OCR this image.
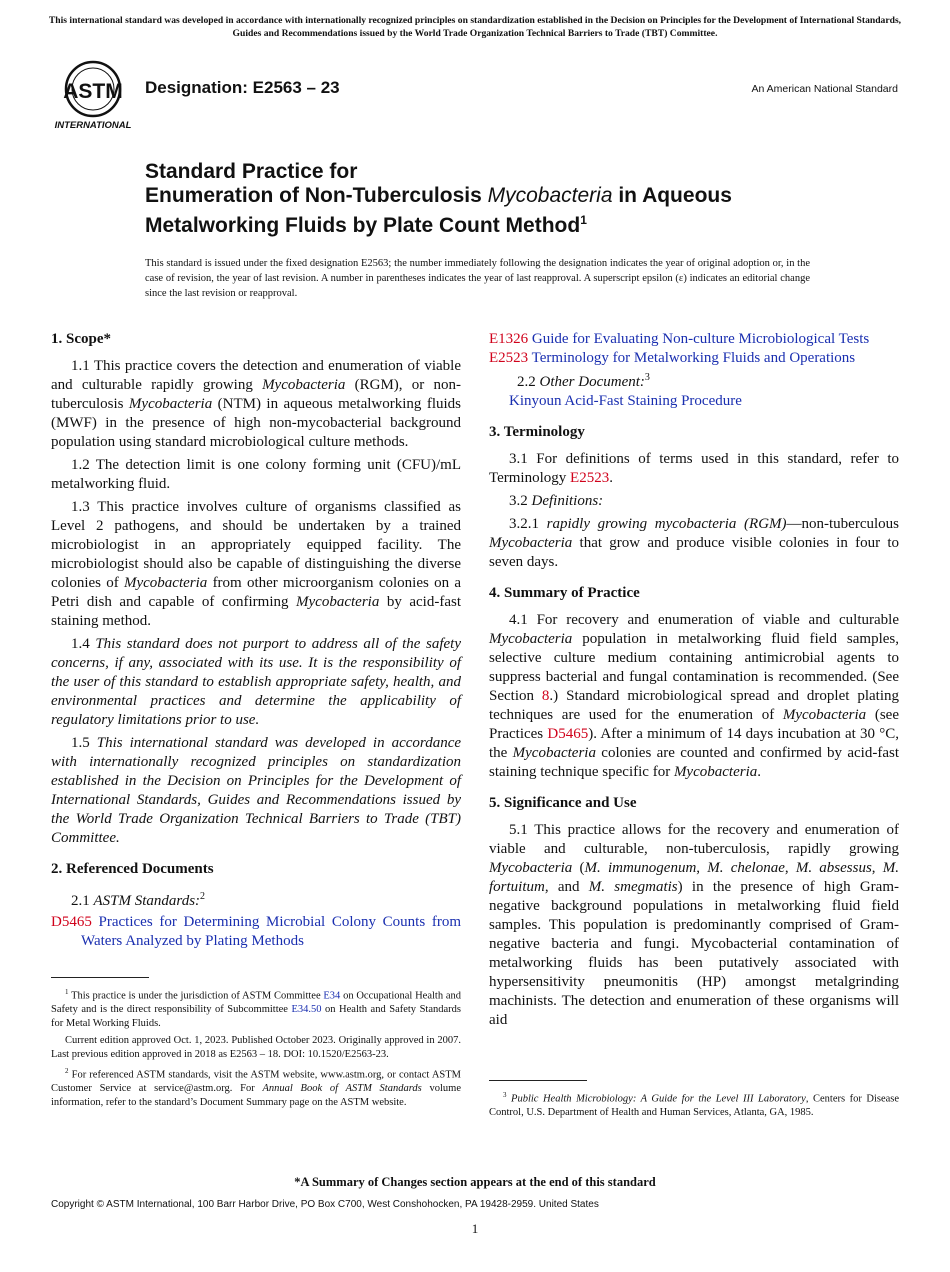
This international standard was developed in accordance with internationally recognized principles on standardization established in the Decision on Principles for the Development of International Standards, Guides and Recommendations issued by the World Trade Organization Technical Barriers to Trade (TBT) Committee.
ASTM
INTERNATIONAL
Designation: E2563 – 23	An American National Standard
Standard Practice for
Enumeration of Non-Tuberculosis Mycobacteria in Aqueous
Metalworking Fluids by Plate Count Method$^1$
This standard is issued under the fixed designation E2563; the number immediately following the designation indicates the year of original adoption or, in the case of revision, the year of last revision. A number in parentheses indicates the year of last reapproval. A superscript epsilon (ε) indicates an editorial change since the last revision or reapproval.
1. Scope*

1.1 This practice covers the detection and enumeration of viable and culturable rapidly growing Mycobacteria (RGM), or non-tuberculosis Mycobacteria (NTM) in aqueous metalworking fluids (MWF) in the presence of high non-mycobacterial background population using standard microbiological culture methods.

1.2 The detection limit is one colony forming unit (CFU)/mL metalworking fluid.

1.3 This practice involves culture of organisms classified as Level 2 pathogens, and should be undertaken by a trained microbiologist in an appropriately equipped facility. The microbiologist should also be capable of distinguishing the diverse colonies of Mycobacteria from other microorganism colonies on a Petri dish and capable of confirming Mycobacteria by acid-fast staining method.

1.4 This standard does not purport to address all of the safety concerns, if any, associated with its use. It is the responsibility of the user of this standard to establish appropriate safety, health, and environmental practices and determine the applicability of regulatory limitations prior to use.

1.5 This international standard was developed in accordance with internationally recognized principles on standardization established in the Decision on Principles for the Development of International Standards, Guides and Recommendations issued by the World Trade Organization Technical Barriers to Trade (TBT) Committee.

2. Referenced Documents

2.1 ASTM Standards:$^2$

D5465 Practices for Determining Microbial Colony Counts from Waters Analyzed by Plating Methods
E1326 Guide for Evaluating Non-culture Microbiological Tests
E2523 Terminology for Metalworking Fluids and Operations

2.2 Other Document:$^3$

Kinyoun Acid-Fast Staining Procedure

3. Terminology

3.1 For definitions of terms used in this standard, refer to Terminology E2523.

3.2 Definitions:

3.2.1 rapidly growing mycobacteria (RGM)—non-tuberculous Mycobacteria that grow and produce visible colonies in four to seven days.

4. Summary of Practice

4.1 For recovery and enumeration of viable and culturable Mycobacteria population in metalworking fluid field samples, selective culture medium containing antimicrobial agents to suppress bacterial and fungal contamination is recommended. (See Section 8.) Standard microbiological spread and droplet plating techniques are used for the enumeration of Mycobacteria (see Practices D5465). After a minimum of 14 days incubation at 30 °C, the Mycobacteria colonies are counted and confirmed by acid-fast staining technique specific for Mycobacteria.

5. Significance and Use

5.1 This practice allows for the recovery and enumeration of viable and culturable, non-tuberculosis, rapidly growing Mycobacteria (M. immunogenum, M. chelonae, M. absessus, M. fortuitum, and M. smegmatis) in the presence of high Gram-negative background populations in metalworking fluid field samples. This population is predominantly comprised of Gram-negative bacteria and fungi. Mycobacterial contamination of metalworking fluids has been putatively associated with hypersensitivity pneumonitis (HP) amongst metalgrinding machinists. The detection and enumeration of these organisms will aid

$^1$ This practice is under the jurisdiction of ASTM Committee E34 on Occupational Health and Safety and is the direct responsibility of Subcommittee E34.50 on Health and Safety Standards for Metal Working Fluids.

Current edition approved Oct. 1, 2023. Published October 2023. Originally approved in 2007. Last previous edition approved in 2018 as E2563 – 18. DOI: 10.1520/E2563-23.

$^2$ For referenced ASTM standards, visit the ASTM website, www.astm.org, or contact ASTM Customer Service at service@astm.org. For Annual Book of ASTM Standards volume information, refer to the standard’s Document Summary page on the ASTM website.

$^3$ Public Health Microbiology: A Guide for the Level III Laboratory, Centers for Disease Control, U.S. Department of Health and Human Services, Atlanta, GA, 1985.

*A Summary of Changes section appears at the end of this standard
Copyright © ASTM International, 100 Barr Harbor Drive, PO Box C700, West Conshohocken, PA 19428-2959. United States
1
